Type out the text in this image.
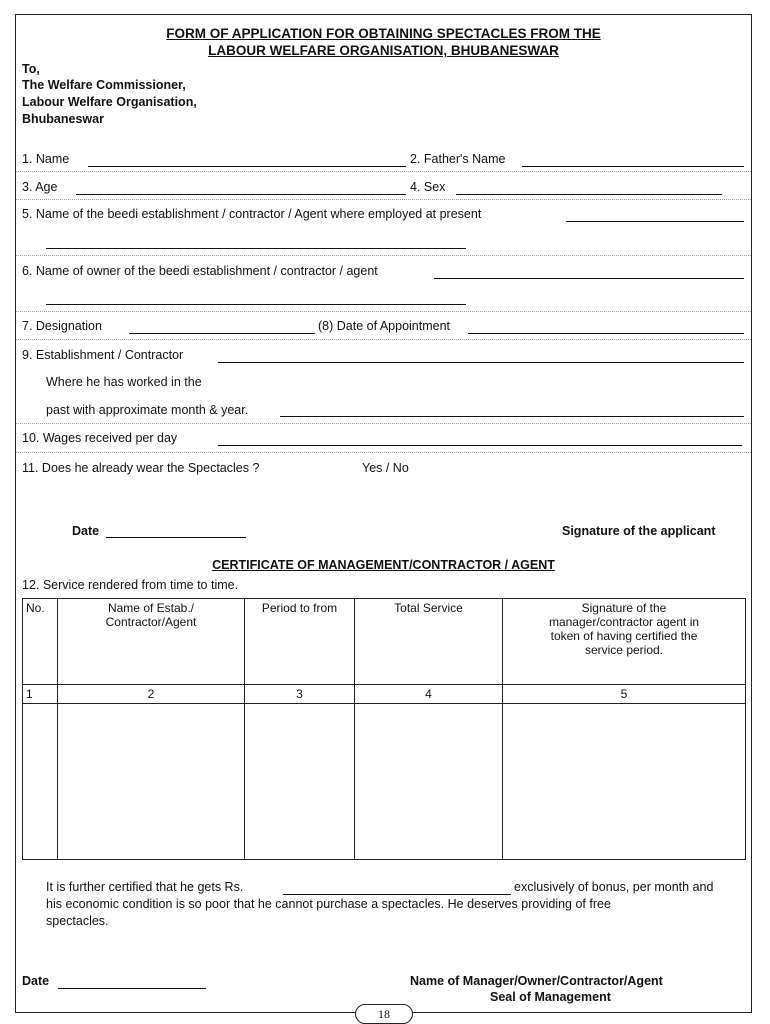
FORM OF APPLICATION FOR OBTAINING SPECTACLES FROM THE
LABOUR WELFARE ORGANISATION, BHUBANESWAR
To,
The Welfare Commissioner,
Labour Welfare Organisation,
Bhubaneswar
1. Name	2. Father's Name
3. Age	4. Sex
5. Name of the beedi establishment / contractor / Agent where employed at present
6. Name of owner of the beedi establishment / contractor / agent
7. Designation	(8) Date of Appointment
9. Establishment / Contractor
Where he has worked in the
past with approximate month & year.
10. Wages received per day
11. Does he already wear the Spectacles ?	Yes / No
Date	Signature of the applicant
CERTIFICATE OF MANAGEMENT/CONTRACTOR / AGENT
12. Service rendered from time to time.
No.	Name of Estab./ Contractor/Agent	Period to from	Total Service	Signature of the manager/contractor agent in token of having certified the service period.
1	2	3	4	5

It is further certified that he gets Rs.	exclusively of bonus, per month and
his economic condition is so poor that he cannot purchase a spectacles. He deserves providing of free
spectacles.
Date	Name of Manager/Owner/Contractor/Agent
Seal of Management
18
